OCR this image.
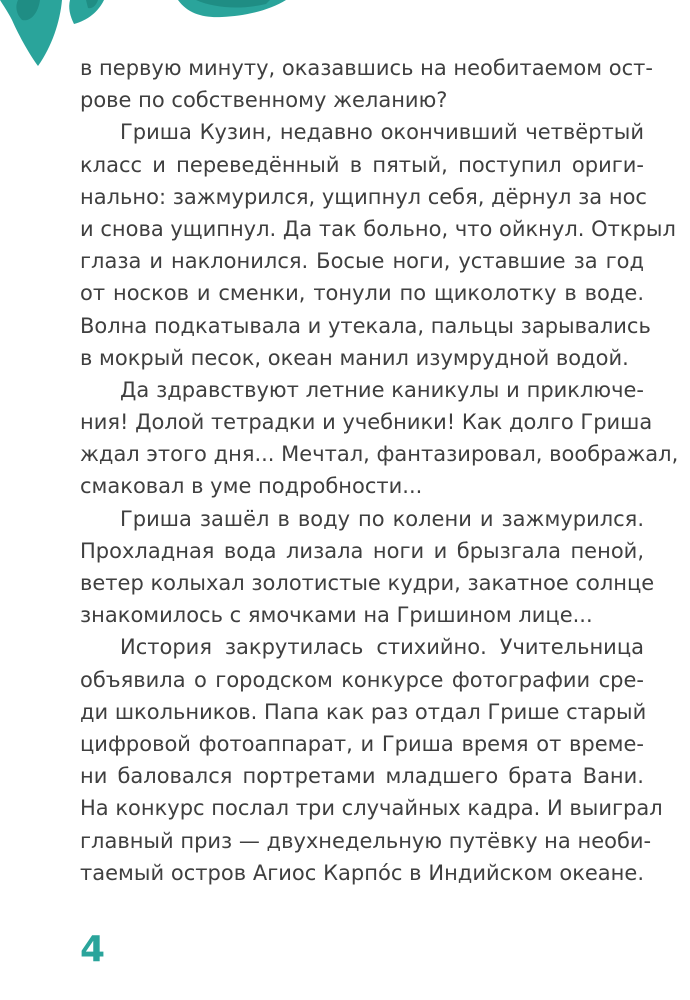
в первую минуту, оказавшись на необитаемом ост-
рове по собственному желанию?
Гриша Кузин, недавно окончивший четвёртый
класс и переведённый в пятый, поступил ориги-
нально: зажмурился, ущипнул себя, дёрнул за нос
и снова ущипнул. Да так больно, что ойкнул. Открыл
глаза и наклонился. Босые ноги, уставшие за год
от носков и сменки, тонули по щиколотку в воде.
Волна подкатывала и утекала, пальцы зарывались
в мокрый песок, океан манил изумрудной водой.
Да здравствуют летние каникулы и приключе-
ния! Долой тетрадки и учебники! Как долго Гриша
ждал этого дня... Мечтал, фантазировал, воображал,
смаковал в уме подробности...
Гриша зашёл в воду по колени и зажмурился.
Прохладная вода лизала ноги и брызгала пеной,
ветер колыхал золотистые кудри, закатное солнце
знакомилось с ямочками на Гришином лице...
История закрутилась стихийно. Учительница
объявила о городском конкурсе фотографии сре-
ди школьников. Папа как раз отдал Грише старый
цифровой фотоаппарат, и Гриша время от време-
ни баловался портретами младшего брата Вани.
На конкурс послал три случайных кадра. И выиграл
главный приз — двухнедельную путёвку на необи-
таемый остров Агиос Карпо́с в Индийском океане.
4
